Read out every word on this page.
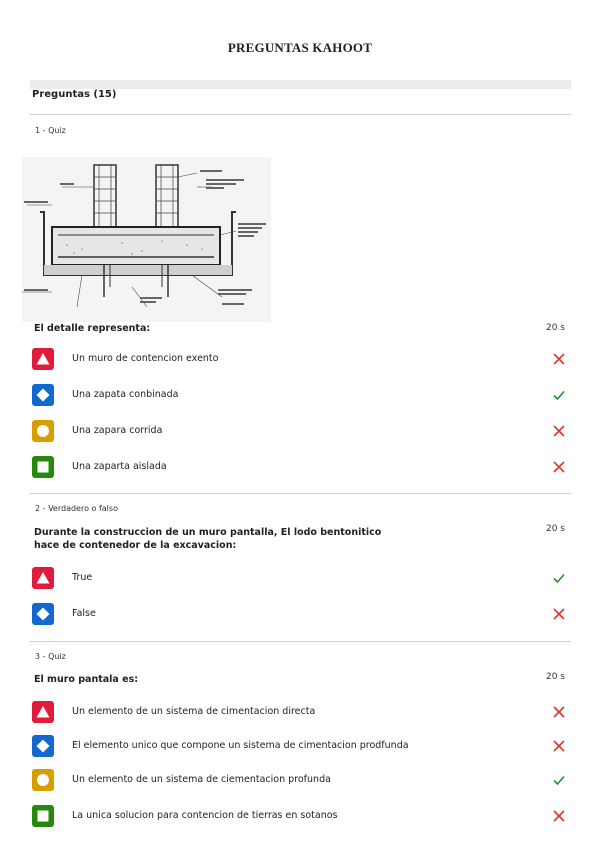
PREGUNTAS KAHOOT
Preguntas (15)
1 - Quiz
El detalle representa:	20 s
Un muro de contencion exento
Una zapata conbinada
Una zapara corrida
Una zaparta aislada
2 - Verdadero o falso
Durante la construccion de un muro pantalla, El lodo bentonitico
hace de contenedor de la excavacion:
20 s
True
False
3 - Quiz
El muro pantala es:	20 s
Un elemento de un sistema de cimentacion directa
El elemento unico que compone un sistema de cimentacion prodfunda
Un elemento de un sistema de ciementacion profunda
La unica solucion para contencion de tierras en sotanos
